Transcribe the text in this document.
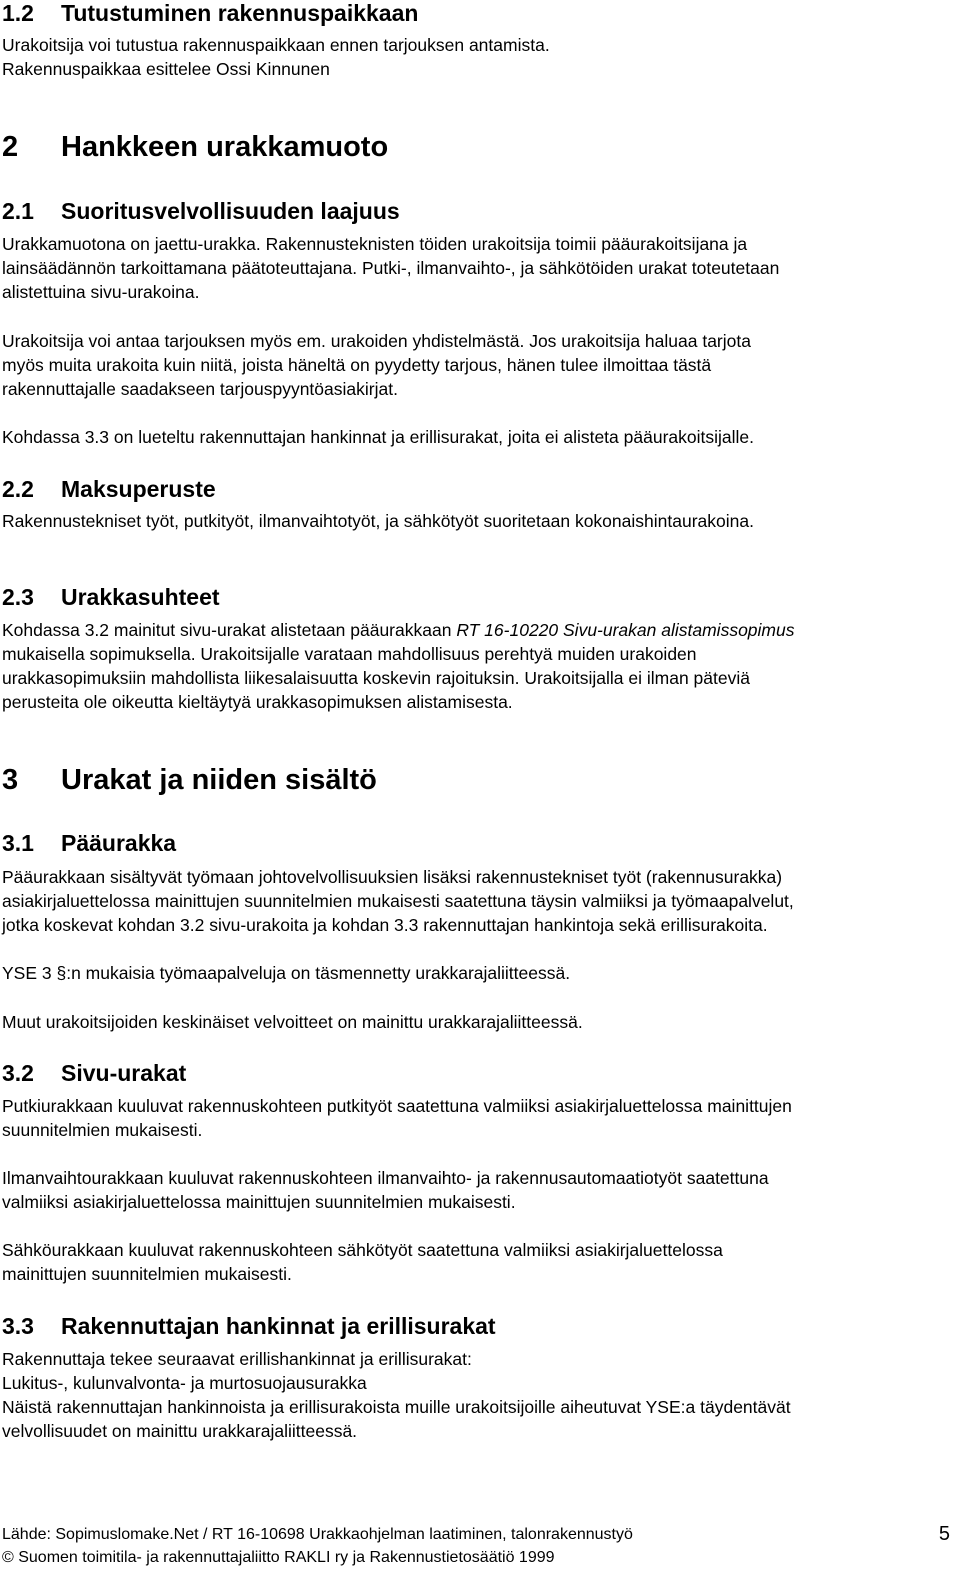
1.2 Tutustuminen rakennuspaikkaan
Urakoitsija voi tutustua rakennuspaikkaan ennen tarjouksen antamista.
Rakennuspaikkaa esittelee Ossi Kinnunen
2 Hankkeen urakkamuoto
2.1 Suoritusvelvollisuuden laajuus
Urakkamuotona on jaettu-urakka. Rakennusteknisten töiden urakoitsija toimii pääurakoitsijana ja
lainsäädännön tarkoittamana päätoteuttajana. Putki-, ilmanvaihto-, ja sähkötöiden urakat toteutetaan
alistettuina sivu-urakoina.
Urakoitsija voi antaa tarjouksen myös em. urakoiden yhdistelmästä. Jos urakoitsija haluaa tarjota
myös muita urakoita kuin niitä, joista häneltä on pyydetty tarjous, hänen tulee ilmoittaa tästä
rakennuttajalle saadakseen tarjouspyyntöasiakirjat.
Kohdassa 3.3 on lueteltu rakennuttajan hankinnat ja erillisurakat, joita ei alisteta pääurakoitsijalle.
2.2 Maksuperuste
Rakennustekniset työt, putkityöt, ilmanvaihtotyöt, ja sähkötyöt suoritetaan kokonaishintaurakoina.
2.3 Urakkasuhteet
Kohdassa 3.2 mainitut sivu-urakat alistetaan pääurakkaan RT 16-10220 Sivu-urakan alistamissopimus
mukaisella sopimuksella. Urakoitsijalle varataan mahdollisuus perehtyä muiden urakoiden
urakkasopimuksiin mahdollista liikesalaisuutta koskevin rajoituksin. Urakoitsijalla ei ilman päteviä
perusteita ole oikeutta kieltäytyä urakkasopimuksen alistamisesta.
3 Urakat ja niiden sisältö
3.1 Pääurakka
Pääurakkaan sisältyvät työmaan johtovelvollisuuksien lisäksi rakennustekniset työt (rakennusurakka)
asiakirjaluettelossa mainittujen suunnitelmien mukaisesti saatettuna täysin valmiiksi ja työmaapalvelut,
jotka koskevat kohdan 3.2 sivu-urakoita ja kohdan 3.3 rakennuttajan hankintoja sekä erillisurakoita.
YSE 3 §:n mukaisia työmaapalveluja on täsmennetty urakkarajaliitteessä.
Muut urakoitsijoiden keskinäiset velvoitteet on mainittu urakkarajaliitteessä.
3.2 Sivu-urakat
Putkiurakkaan kuuluvat rakennuskohteen putkityöt saatettuna valmiiksi asiakirjaluettelossa mainittujen
suunnitelmien mukaisesti.
Ilmanvaihtourakkaan kuuluvat rakennuskohteen ilmanvaihto- ja rakennusautomaatiotyöt saatettuna
valmiiksi asiakirjaluettelossa mainittujen suunnitelmien mukaisesti.
Sähköurakkaan kuuluvat rakennuskohteen sähkötyöt saatettuna valmiiksi asiakirjaluettelossa
mainittujen suunnitelmien mukaisesti.
3.3 Rakennuttajan hankinnat ja erillisurakat
Rakennuttaja tekee seuraavat erillishankinnat ja erillisurakat:
Lukitus-, kulunvalvonta- ja murtosuojausurakka
Näistä rakennuttajan hankinnoista ja erillisurakoista muille urakoitsijoille aiheutuvat YSE:a täydentävät
velvollisuudet on mainittu urakkarajaliitteessä.
Lähde: Sopimuslomake.Net / RT 16-10698 Urakkaohjelman laatiminen, talonrakennustyö
© Suomen toimitila- ja rakennuttajaliitto RAKLI ry ja Rakennustietosäätiö 1999
5
